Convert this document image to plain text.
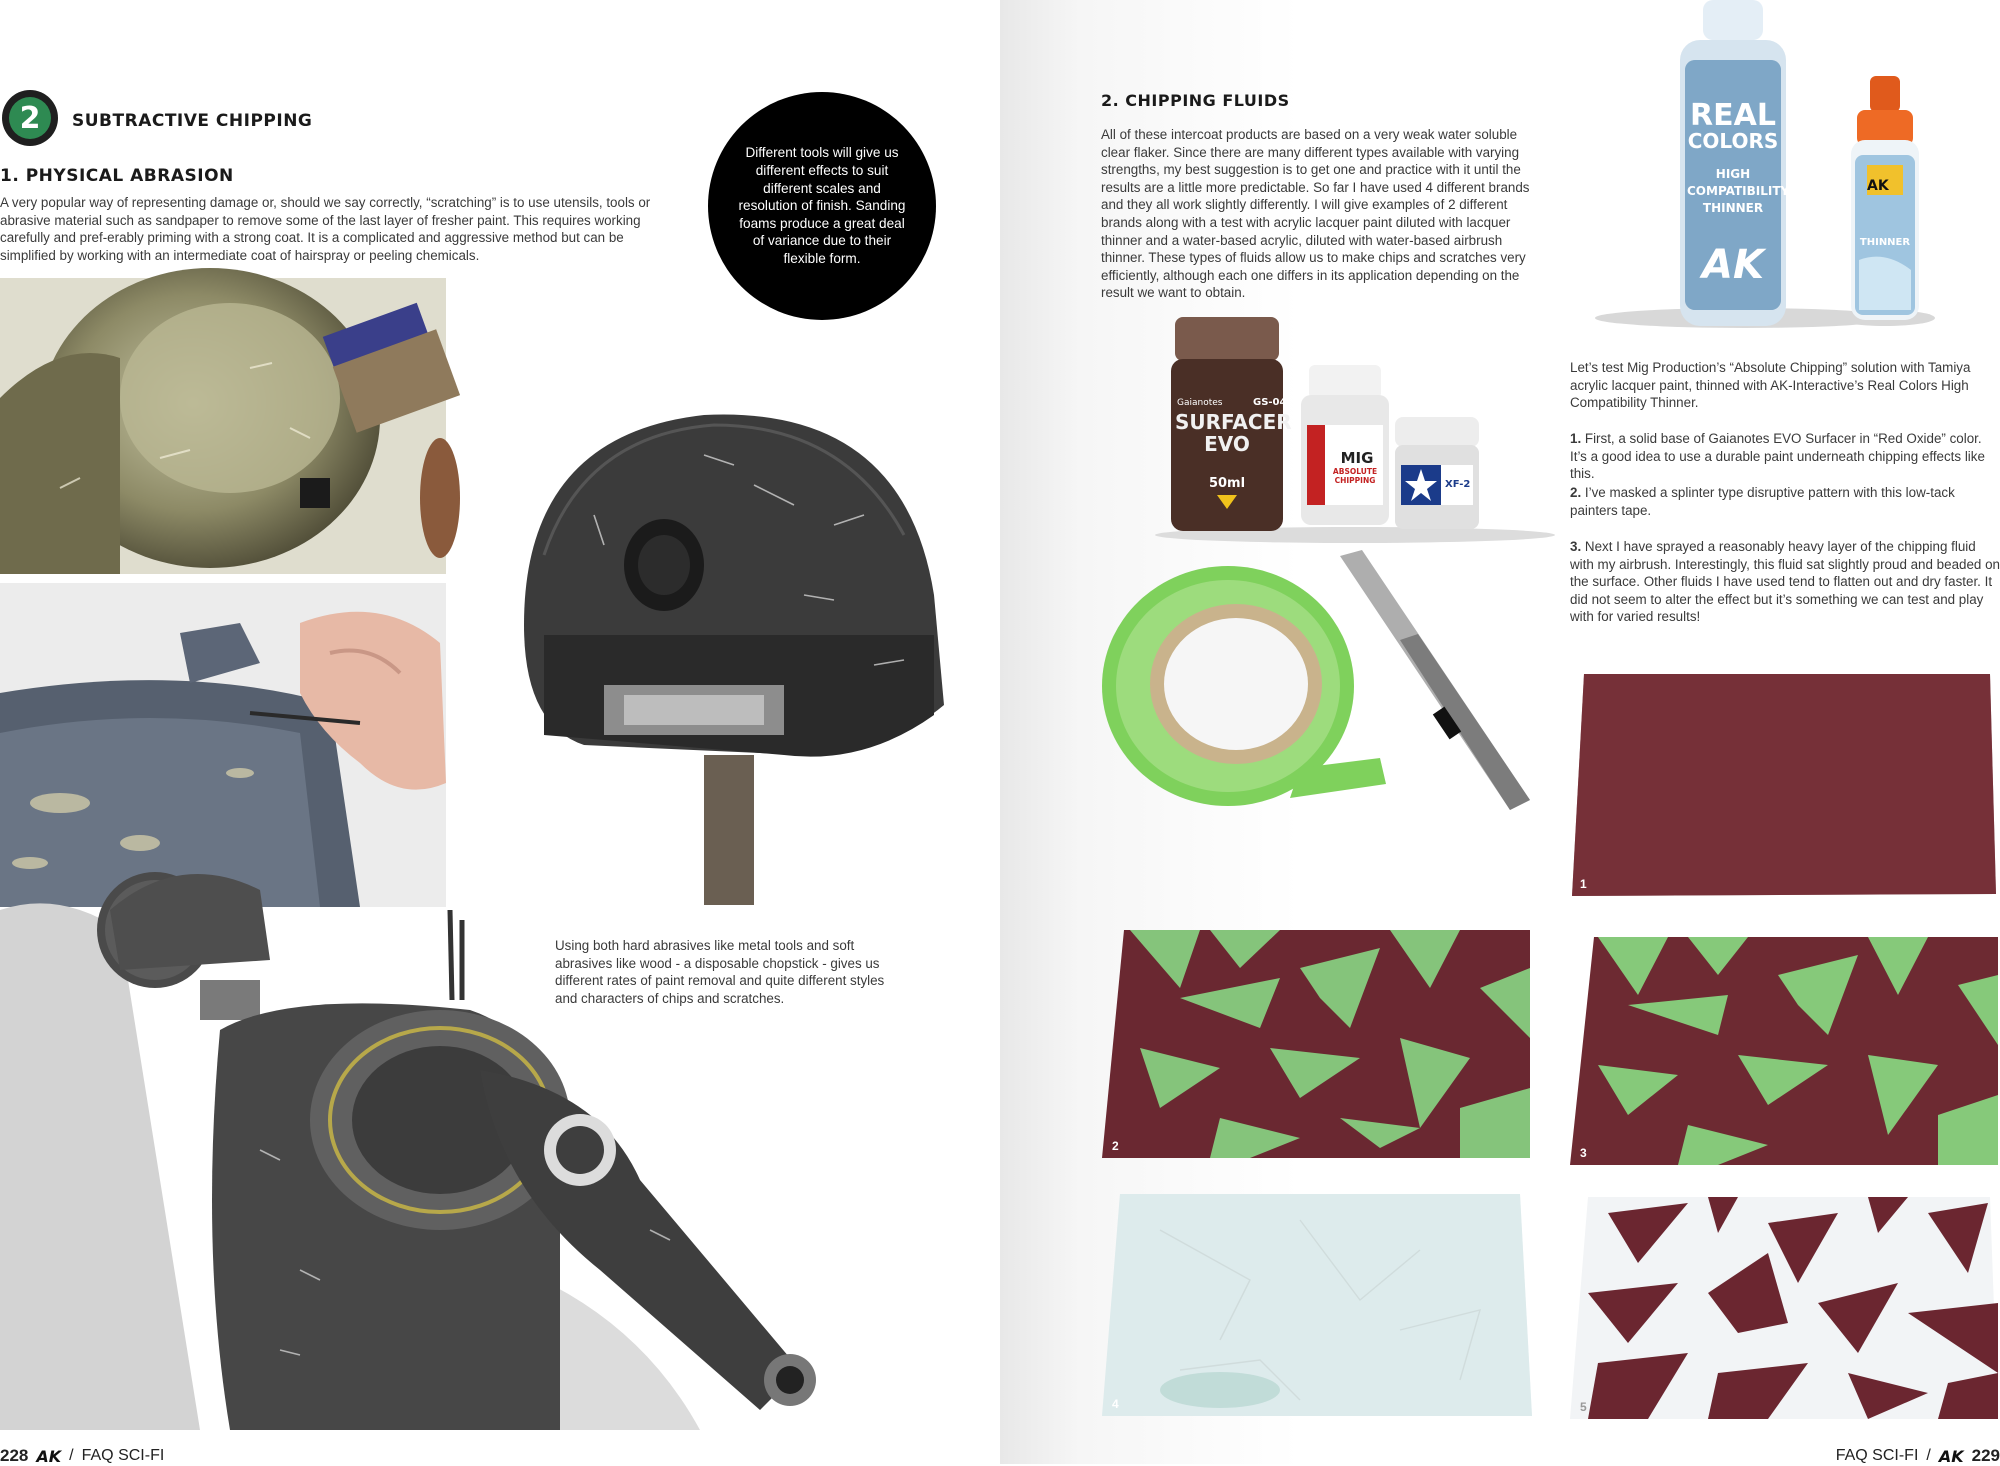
2	SUBTRACTIVE CHIPPING
1. PHYSICAL ABRASION
A very popular way of representing damage or, should we say correctly, “scratching” is to use utensils, tools or abrasive material such as sandpaper to remove some of the last layer of fresher paint. This requires working carefully and pref-erably priming with a strong coat. It is a complicated and aggressive method but can be simplified by working with an intermediate coat of hairspray or peeling chemicals.
Different tools will give us different effects to suit different scales and resolution of finish. Sanding foams produce a great deal of variance due to their flexible form.
Using both hard abrasives like metal tools and soft abrasives like wood - a disposable chopstick - gives us different rates of paint removal and quite different styles and characters of chips and scratches.
228 AK / FAQ SCI-FI
2. CHIPPING FLUIDS
All of these intercoat products are based on a very weak water soluble clear flaker. Since there are many different types available with varying strengths, my best suggestion is to get one and practice with it until the results are a little more predictable. So far I have used 4 different brands and they all work slightly differently. I will give examples of 2 different brands along with a test with acrylic lacquer paint diluted with lacquer thinner and a water-based acrylic, diluted with water-based airbrush thinner. These types of fluids allow us to make chips and scratches very efficiently, although each one differs in its application depending on the result we want to obtain.
REAL
COLORS
HIGH COMPATIBILITY THINNER
AK
AK
THINNER
Gaianotes	GS-04
SURFACER EVO
50ml
MIG
ABSOLUTE CHIPPING	XF-2
Let’s test Mig Production’s “Absolute Chipping” solution with Tamiya acrylic lacquer paint, thinned with AK-Interactive’s Real Colors High Compatibility Thinner.
1. First, a solid base of Gaianotes EVO Surfacer in “Red Oxide” color. It’s a good idea to use a durable paint underneath chipping effects like this.
2. I’ve masked a splinter type disruptive pattern with this low-tack painters tape.
3. Next I have sprayed a reasonably heavy layer of the chipping fluid with my airbrush. Interestingly, this fluid sat slightly proud and beaded on the surface. Other fluids I have used tend to flatten out and dry faster. It did not seem to alter the effect but it’s something we can test and play with for varied results!
1
2	3
4	5
FAQ SCI-FI / AK 229
